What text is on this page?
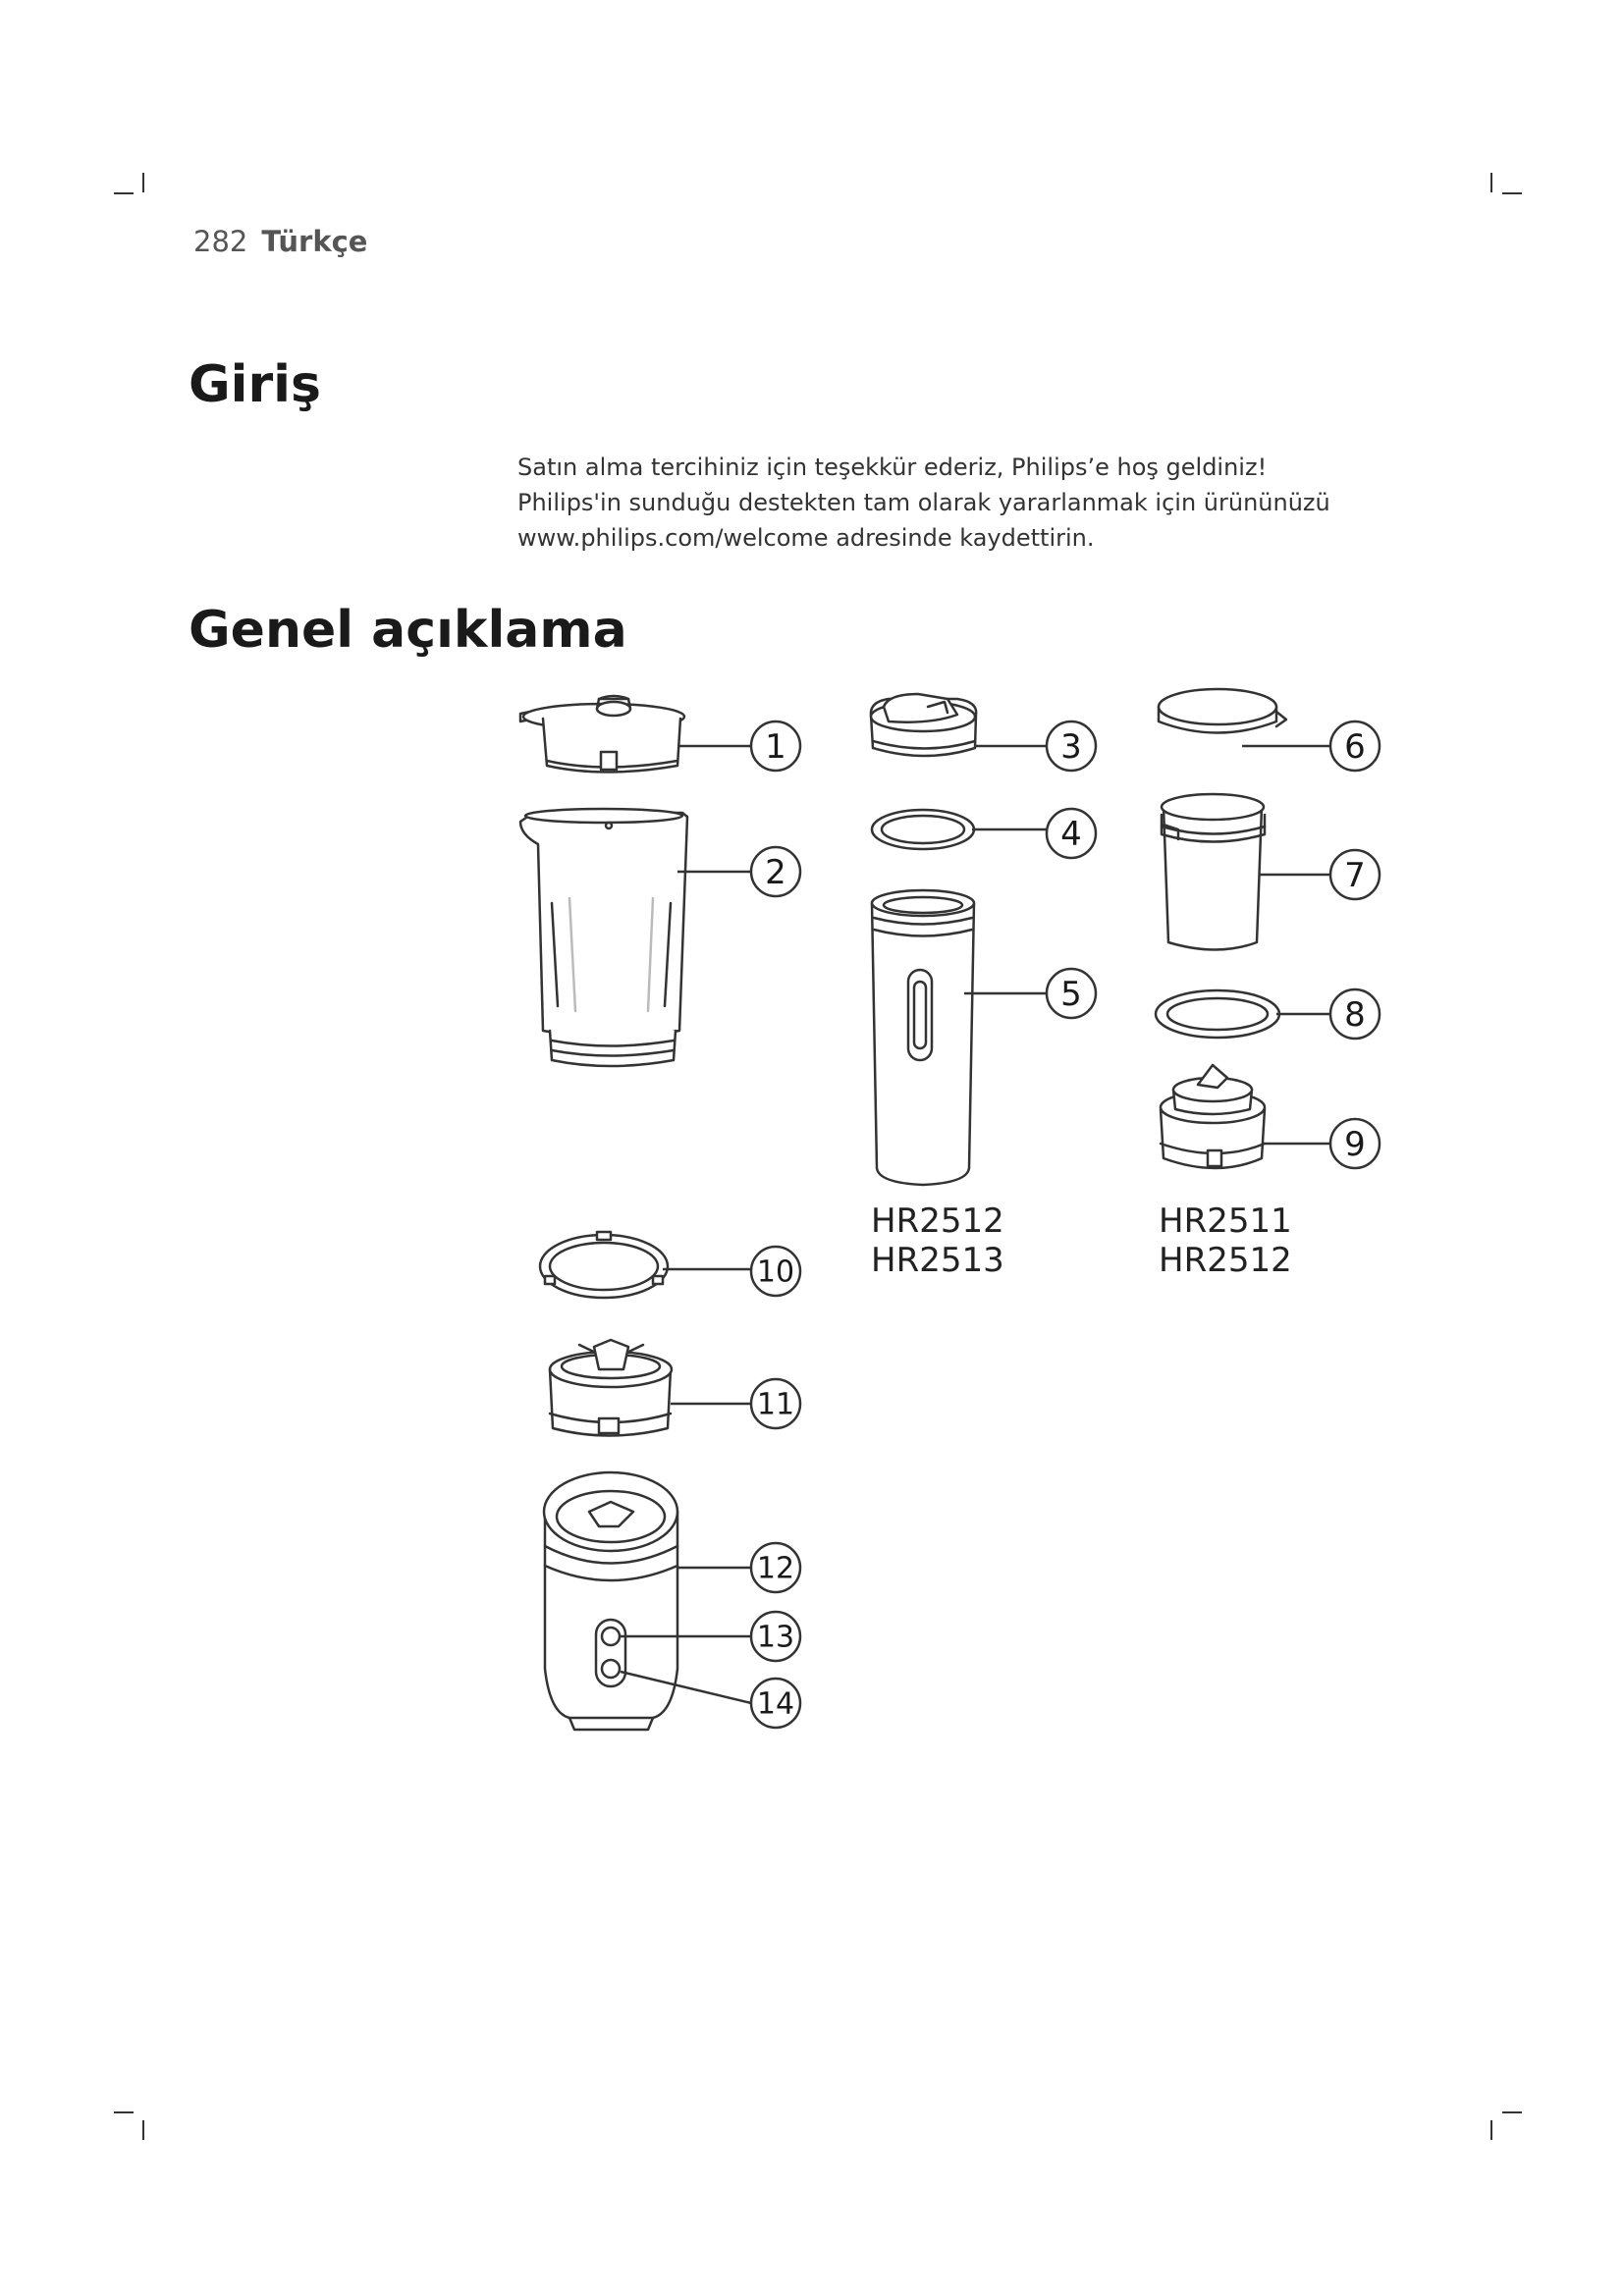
282 Türkçe
Giriş

Satın alma tercihiniz için teşekkür ederiz, Philips’e hoş geldiniz!

Philips'in sunduğu destekten tam olarak yararlanmak için ürününüzü

www.philips.com/welcome adresinde kaydettirin.

Genel açıklama
1
2
3
4
5
6
7
8
9
10
11
12
13
14
HR2512
HR2513
HR2511
HR2512
